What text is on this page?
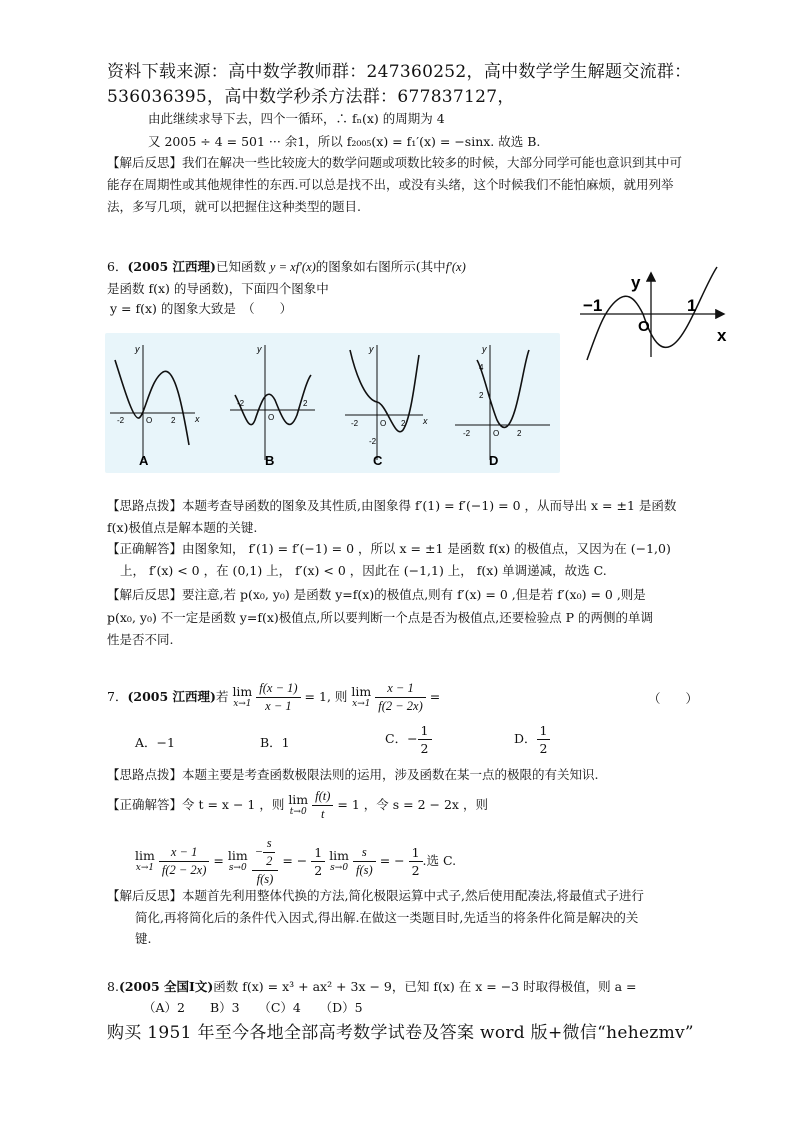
资料下载来源：高中数学教师群：247360252，高中数学学生解题交流群：
536036395，高中数学秒杀方法群：677837127，
由此继续求导下去，四个一循环，∴ fₙ(x) 的周期为 4
又 2005 ÷ 4 = 501 ··· 余1，所以 f₂₀₀₅(x) = f₁′(x) = −sinx. 故选 B.
【解后反思】我们在解决一些比较庞大的数学问题或项数比较多的时候，大部分同学可能也意识到其中可能存在周期性或其他规律性的东西.可以总是找不出，或没有头绪，这个时候我们不能怕麻烦，就用列举法，多写几项，就可以把握住这种类型的题目.
6．(2005 江西理)已知函数 y = xf′(x)的图象如右图所示(其中f′(x)
是函数 f(x) 的导函数)，下面四个图象中
y = f(x) 的图象大致是　（　　）
y
x
O
−1	1
y
x
-2	O 2
y
-2
O
2
y
x
-2	O
-2
2
y
4
2
-2	O 2
A	B	C	D
【思路点拨】本题考查导函数的图象及其性质,由图象得 f′(1) = f′(−1) = 0 ，从而导出 x = ±1 是函数 f(x)极值点是解本题的关键.
【正确解答】由图象知， f′(1) = f′(−1) = 0 ，所以 x = ±1 是函数 f(x) 的极值点，又因为在 (−1,0)
上， f′(x) < 0 ，在 (0,1) 上， f′(x) < 0 ，因此在 (−1,1) 上， f(x) 单调递减，故选 C.
【解后反思】要注意,若 p(x₀, y₀) 是函数 y=f(x)的极值点,则有 f′(x) = 0 ,但是若 f′(x₀) = 0 ,则是
p(x₀, y₀) 不一定是函数 y=f(x)极值点,所以要判断一个点是否为极值点,还要检验点 P 的两侧的单调
性是否不同.
7．(2005 江西理)若 lim
x→1
$\frac{f(x - 1)}{x - 1} = 1$, 则 lim
x→1
$\frac{x - 1}{f(2 - 2x)}$ =	（　　）
A．−1	B．1	C．− $\frac{1}{2}$	D． $\frac{1}{2}$
【思路点拨】本题主要是考查函数极限法则的运用，涉及函数在某一点的极限的有关知识.
【正确解答】令 t = x − 1 ，则 lim
t→0
$\frac{f(t)}{t} = 1$ ，令 s = 2 − 2x ，则
lim
x→1
$\frac{x - 1}{f(2 - 2x)} = \lim$
s→0
$\frac{- \frac{s}{2}}{f(s)}$ = − $\frac{1}{2}$ lim
s→0
$\frac{s}{f(s)}$ = − $\frac{1}{2}$ .选 C.
【解后反思】本题首先利用整体代换的方法,简化极限运算中式子,然后使用配凑法,将最值式子进行
简化,再将简化后的条件代入因式,得出解.在做这一类题目时,先适当的将条件化简是解决的关
键.
8.(2005 全国Ⅰ文)函数 f(x) = x³ + ax² + 3x − 9，已知 f(x) 在 x = −3 时取得极值，则 a =
（A）2　　B）3　　（C）4　　（D）5
购买 1951 年至今各地全部高考数学试卷及答案 word 版+微信“hehezmv”
